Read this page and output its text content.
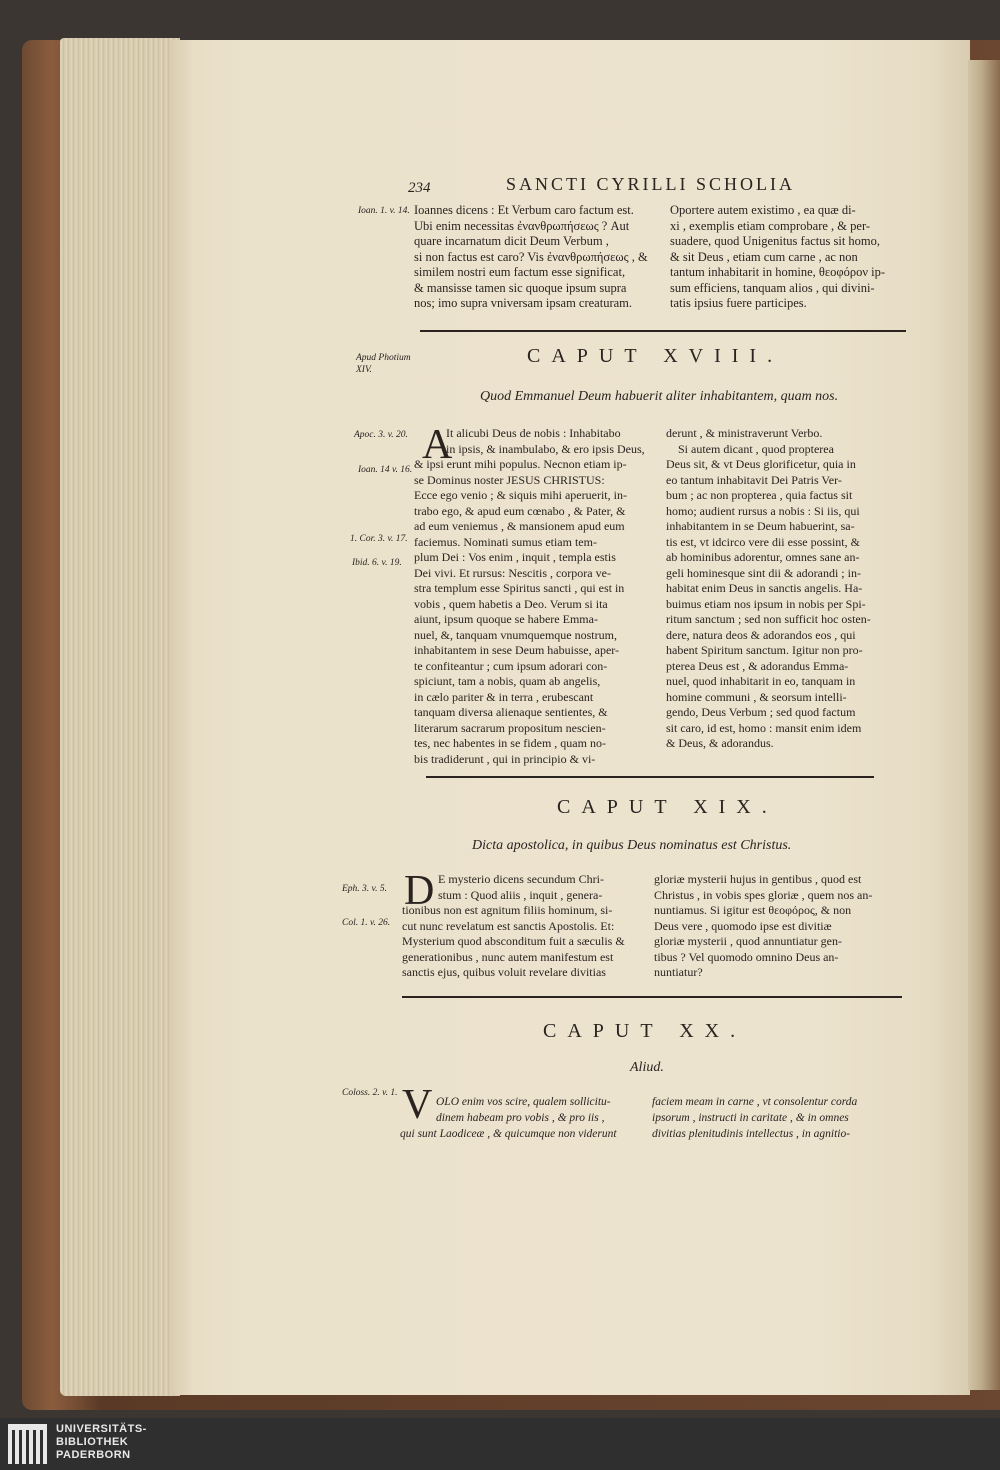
UNIVERSITÄTS-
BIBLIOTHEK
PADERBORN
234	SANCTI CYRILLI SCHOLIA
Ioan. 1. v. 14. Ioannes dicens : Et Verbum caro factum est.
Ubi enim necessitas ἐνανθρωπήσεως ? Aut
quare incarnatum dicit Deum Verbum ,
si non factus est caro? Vis ἐνανθρωπήσεως , &
similem nostri eum factum esse significat,
& mansisse tamen sic quoque ipsum supra
nos; imo supra vniversam ipsam creaturam.
Oportere autem existimo , ea quæ di-
xi , exemplis etiam comprobare , & per-
suadere, quod Unigenitus factus sit homo,
& sit Deus , etiam cum carne , ac non
tantum inhabitarit in homine, θεοφόρον ip-
sum efficiens, tanquam alios , qui divini-
tatis ipsius fuere participes.
Apud Photium
XIV.
CAPUT XVIII.
Quod Emmanuel Deum habuerit aliter inhabitantem, quam nos.
Apoc. 3. v. 20.
Ioan. 14 v. 16.
1. Cor. 3. v. 17.
Ibid. 6. v. 19.
A
It alicubi Deus de nobis : Inhabitabo
in ipsis, & inambulabo, & ero ipsis Deus,
& ipsi erunt mihi populus. Necnon etiam ip-
se Dominus noster JESUS CHRISTUS:
Ecce ego venio ; & siquis mihi aperuerit, in-
trabo ego, & apud eum cœnabo , & Pater, &
ad eum veniemus , & mansionem apud eum
faciemus. Nominati sumus etiam tem-
plum Dei : Vos enim , inquit , templa estis
Dei vivi. Et rursus: Nescitis , corpora ve-
stra templum esse Spiritus sancti , qui est in
vobis , quem habetis a Deo. Verum si ita
aiunt, ipsum quoque se habere Emma-
nuel, &, tanquam vnumquemque nostrum,
inhabitantem in sese Deum habuisse, aper-
te confiteantur ; cum ipsum adorari con-
spiciunt, tam a nobis, quam ab angelis,
in cælo pariter & in terra , erubescant
tanquam diversa alienaque sentientes, &
literarum sacrarum propositum nescien-
tes, nec habentes in se fidem , quam no-
bis tradiderunt , qui in principio & vi-
derunt , & ministraverunt Verbo.
Si autem dicant , quod propterea
Deus sit, & vt Deus glorificetur, quia in
eo tantum inhabitavit Dei Patris Ver-
bum ; ac non propterea , quia factus sit
homo; audient rursus a nobis : Si iis, qui
inhabitantem in se Deum habuerint, sa-
tis est, vt idcirco vere dii esse possint, &
ab hominibus adorentur, omnes sane an-
geli hominesque sint dii & adorandi ; in-
habitat enim Deus in sanctis angelis. Ha-
buimus etiam nos ipsum in nobis per Spi-
ritum sanctum ; sed non sufficit hoc osten-
dere, natura deos & adorandos eos , qui
habent Spiritum sanctum. Igitur non pro-
pterea Deus est , & adorandus Emma-
nuel, quod inhabitarit in eo, tanquam in
homine communi , & seorsum intelli-
gendo, Deus Verbum ; sed quod factum
sit caro, id est, homo : mansit enim idem
& Deus, & adorandus.
CAPUT XIX.
Dicta apostolica, in quibus Deus nominatus est Christus.
Eph. 3. v. 5.
Col. 1. v. 26.
D E mysterio dicens secundum Chri-
stum : Quod aliis , inquit , genera-
tionibus non est agnitum filiis hominum, si-
cut nunc revelatum est sanctis Apostolis. Et:
Mysterium quod absconditum fuit a sæculis &
generationibus , nunc autem manifestum est
sanctis ejus, quibus voluit revelare divitias
gloriæ mysterii hujus in gentibus , quod est
Christus , in vobis spes gloriæ , quem nos an-
nuntiamus. Si igitur est θεοφόρος, & non
Deus vere , quomodo ipse est divitiæ
gloriæ mysterii , quod annuntiatur gen-
tibus ? Vel quomodo omnino Deus an-
nuntiatur?
CAPUT XX.
Aliud.
Coloss. 2. v. 1. V OLO enim vos scire, qualem sollicitu-
dinem habeam pro vobis , & pro iis ,
qui sunt Laodiceæ , & quicumque non viderunt
faciem meam in carne , vt consolentur corda
ipsorum , instructi in caritate , & in omnes
divitias plenitudinis intellectus , in agnitio-
